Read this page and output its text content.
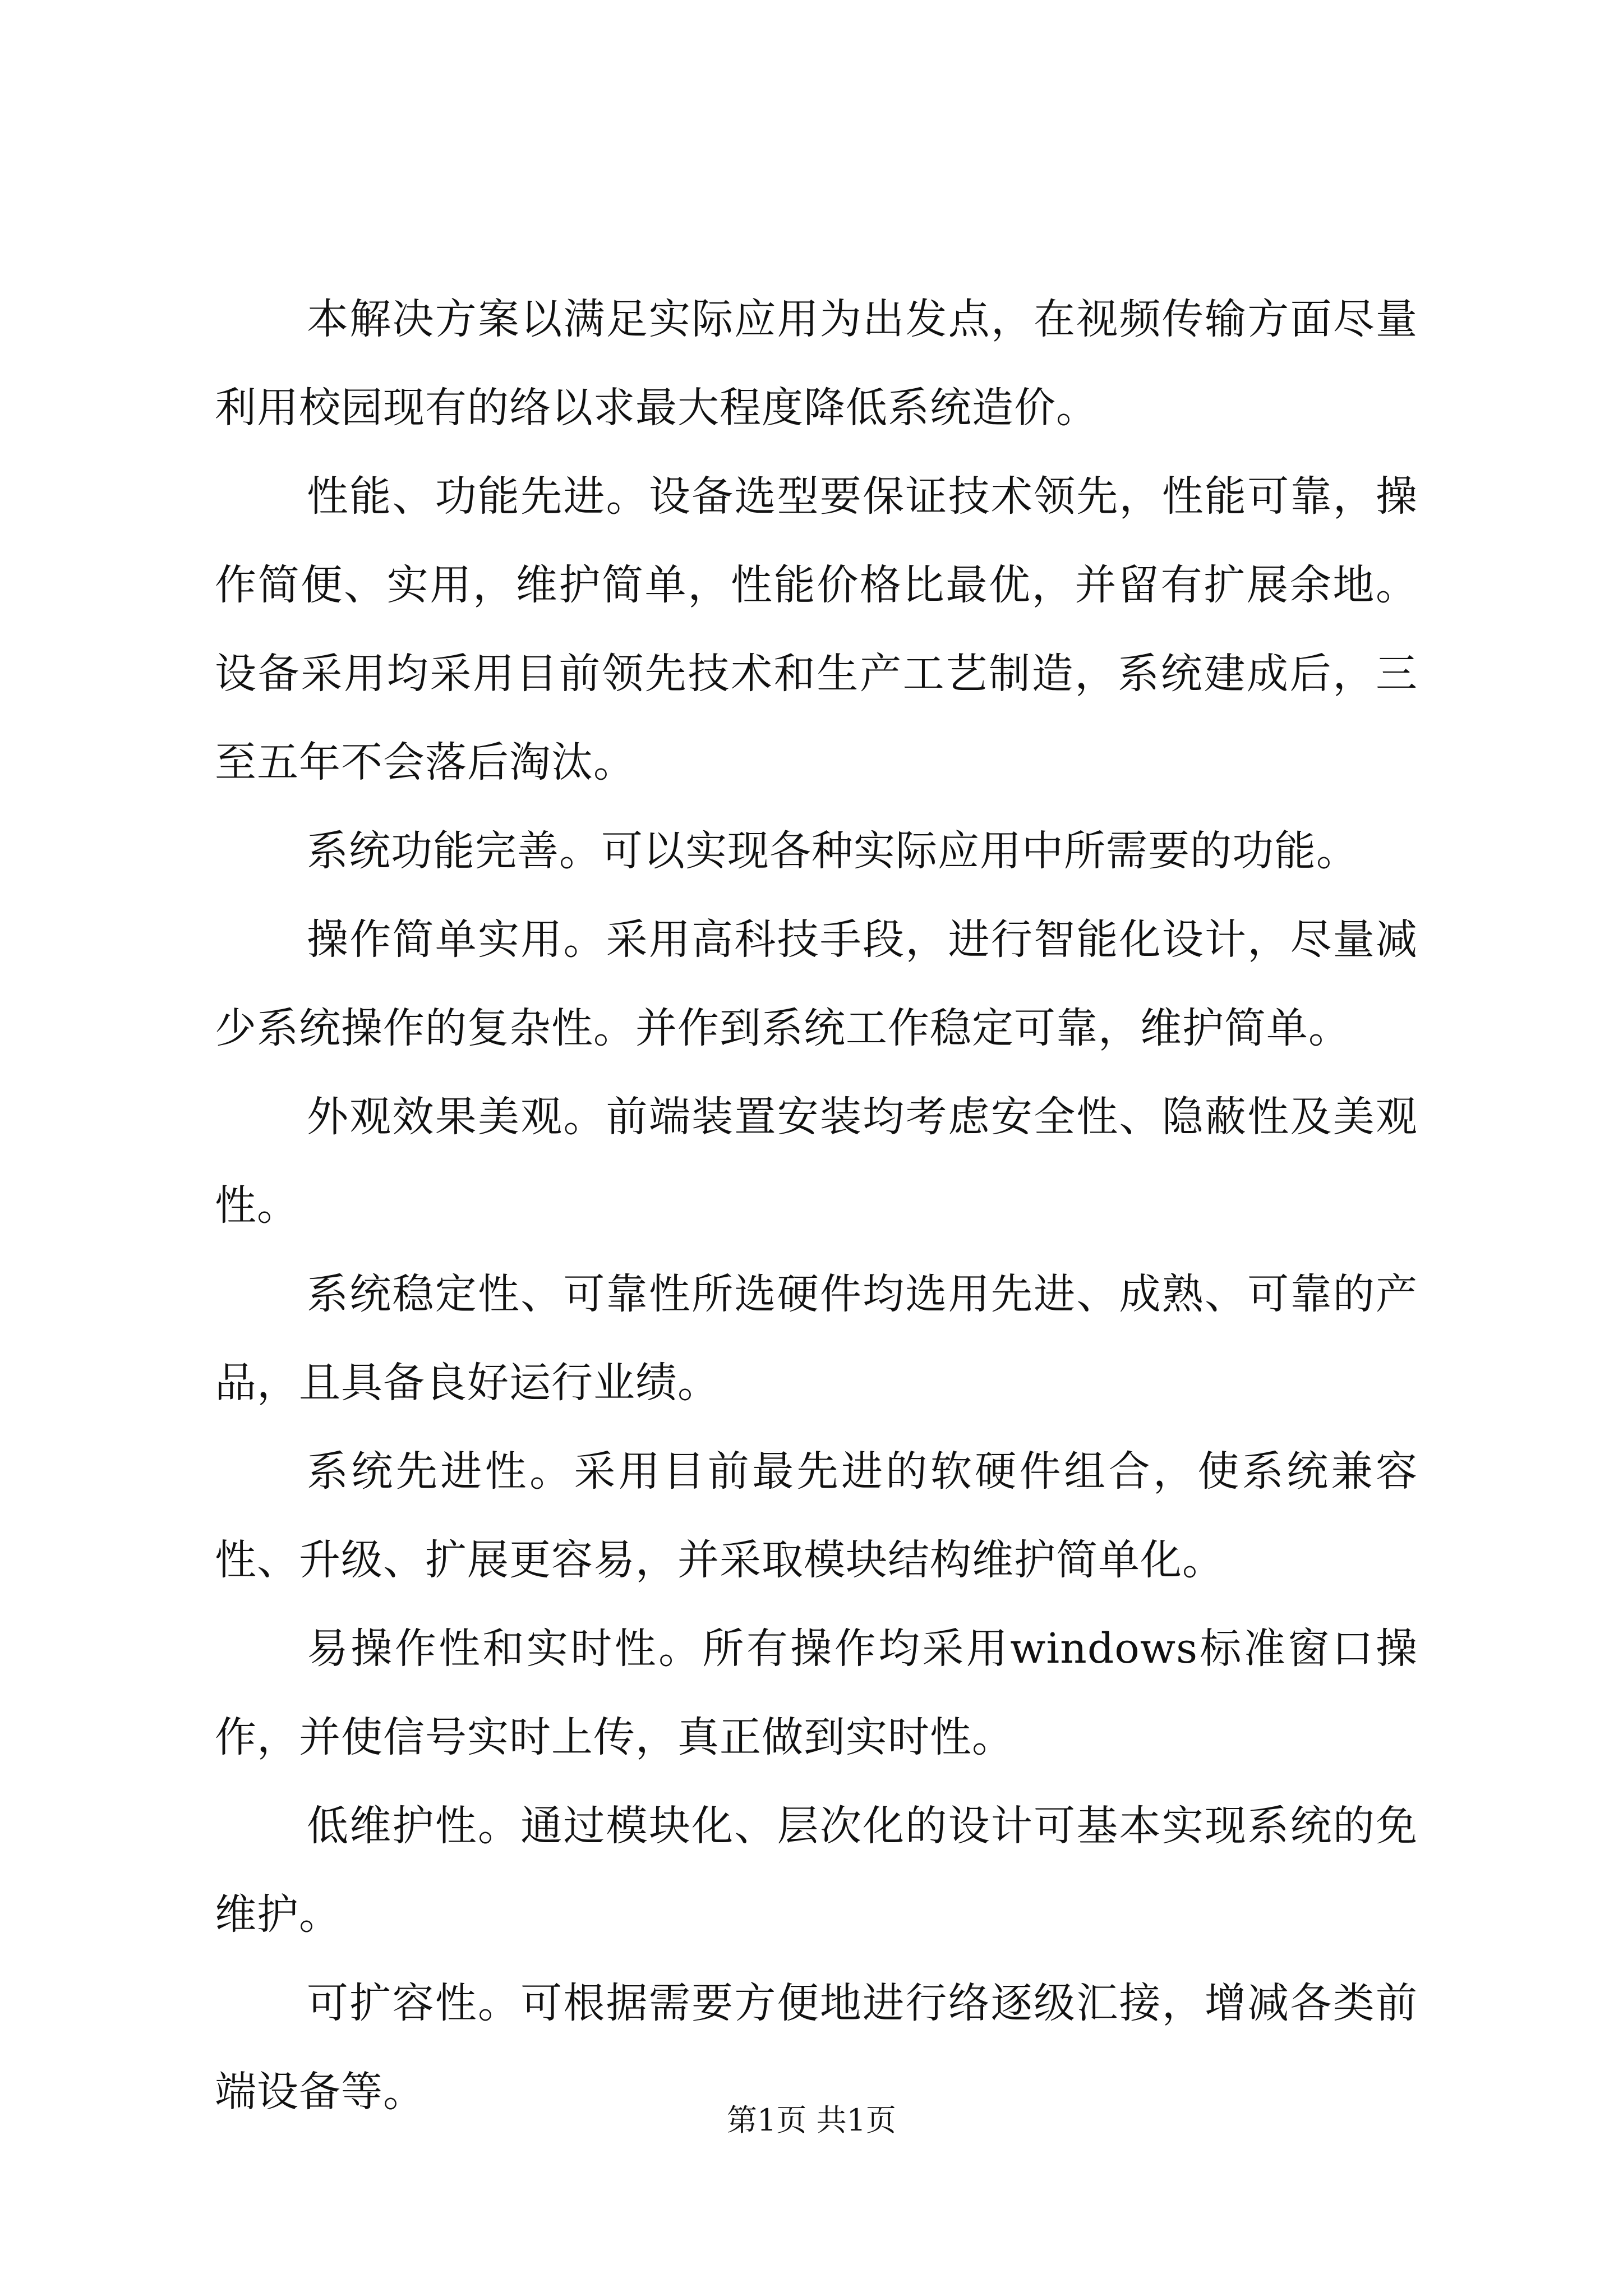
本解决方案以满足实际应用为出发点，在视频传输方面尽量利用校园现有的络以求最大程度降低系统造价。

性能、功能先进。设备选型要保证技术领先，性能可靠，操作简便、实用，维护简单，性能价格比最优，并留有扩展余地。设备采用均采用目前领先技术和生产工艺制造，系统建成后，三至五年不会落后淘汰。

系统功能完善。可以实现各种实际应用中所需要的功能。

操作简单实用。采用高科技手段，进行智能化设计，尽量减少系统操作的复杂性。并作到系统工作稳定可靠，维护简单。

外观效果美观。前端装置安装均考虑安全性、隐蔽性及美观性。

系统稳定性、可靠性所选硬件均选用先进、成熟、可靠的产品，且具备良好运行业绩。

系统先进性。采用目前最先进的软硬件组合，使系统兼容性、升级、扩展更容易，并采取模块结构维护简单化。

易操作性和实时性。所有操作均采用windows标准窗口操作，并使信号实时上传，真正做到实时性。

低维护性。通过模块化、层次化的设计可基本实现系统的免维护。

可扩容性。可根据需要方便地进行络逐级汇接，增减各类前端设备等。

第1页 共1页
